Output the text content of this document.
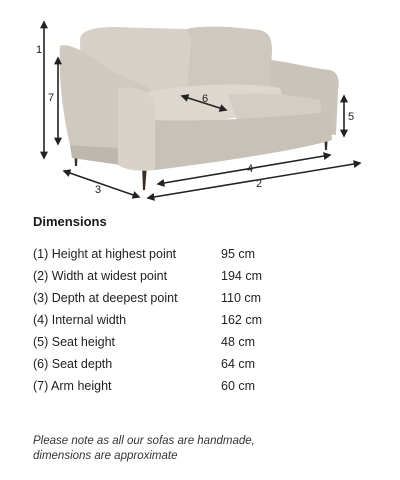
1
7
5
6
4
2
3
Dimensions
(1) Height at highest point	95 cm
(2) Width at widest point	194 cm
(3) Depth at deepest point	110 cm
(4) Internal width	162 cm
(5) Seat height	48 cm
(6) Seat depth	64 cm
(7) Arm height	60 cm
Please note as all our sofas are handmade,
dimensions are approximate
